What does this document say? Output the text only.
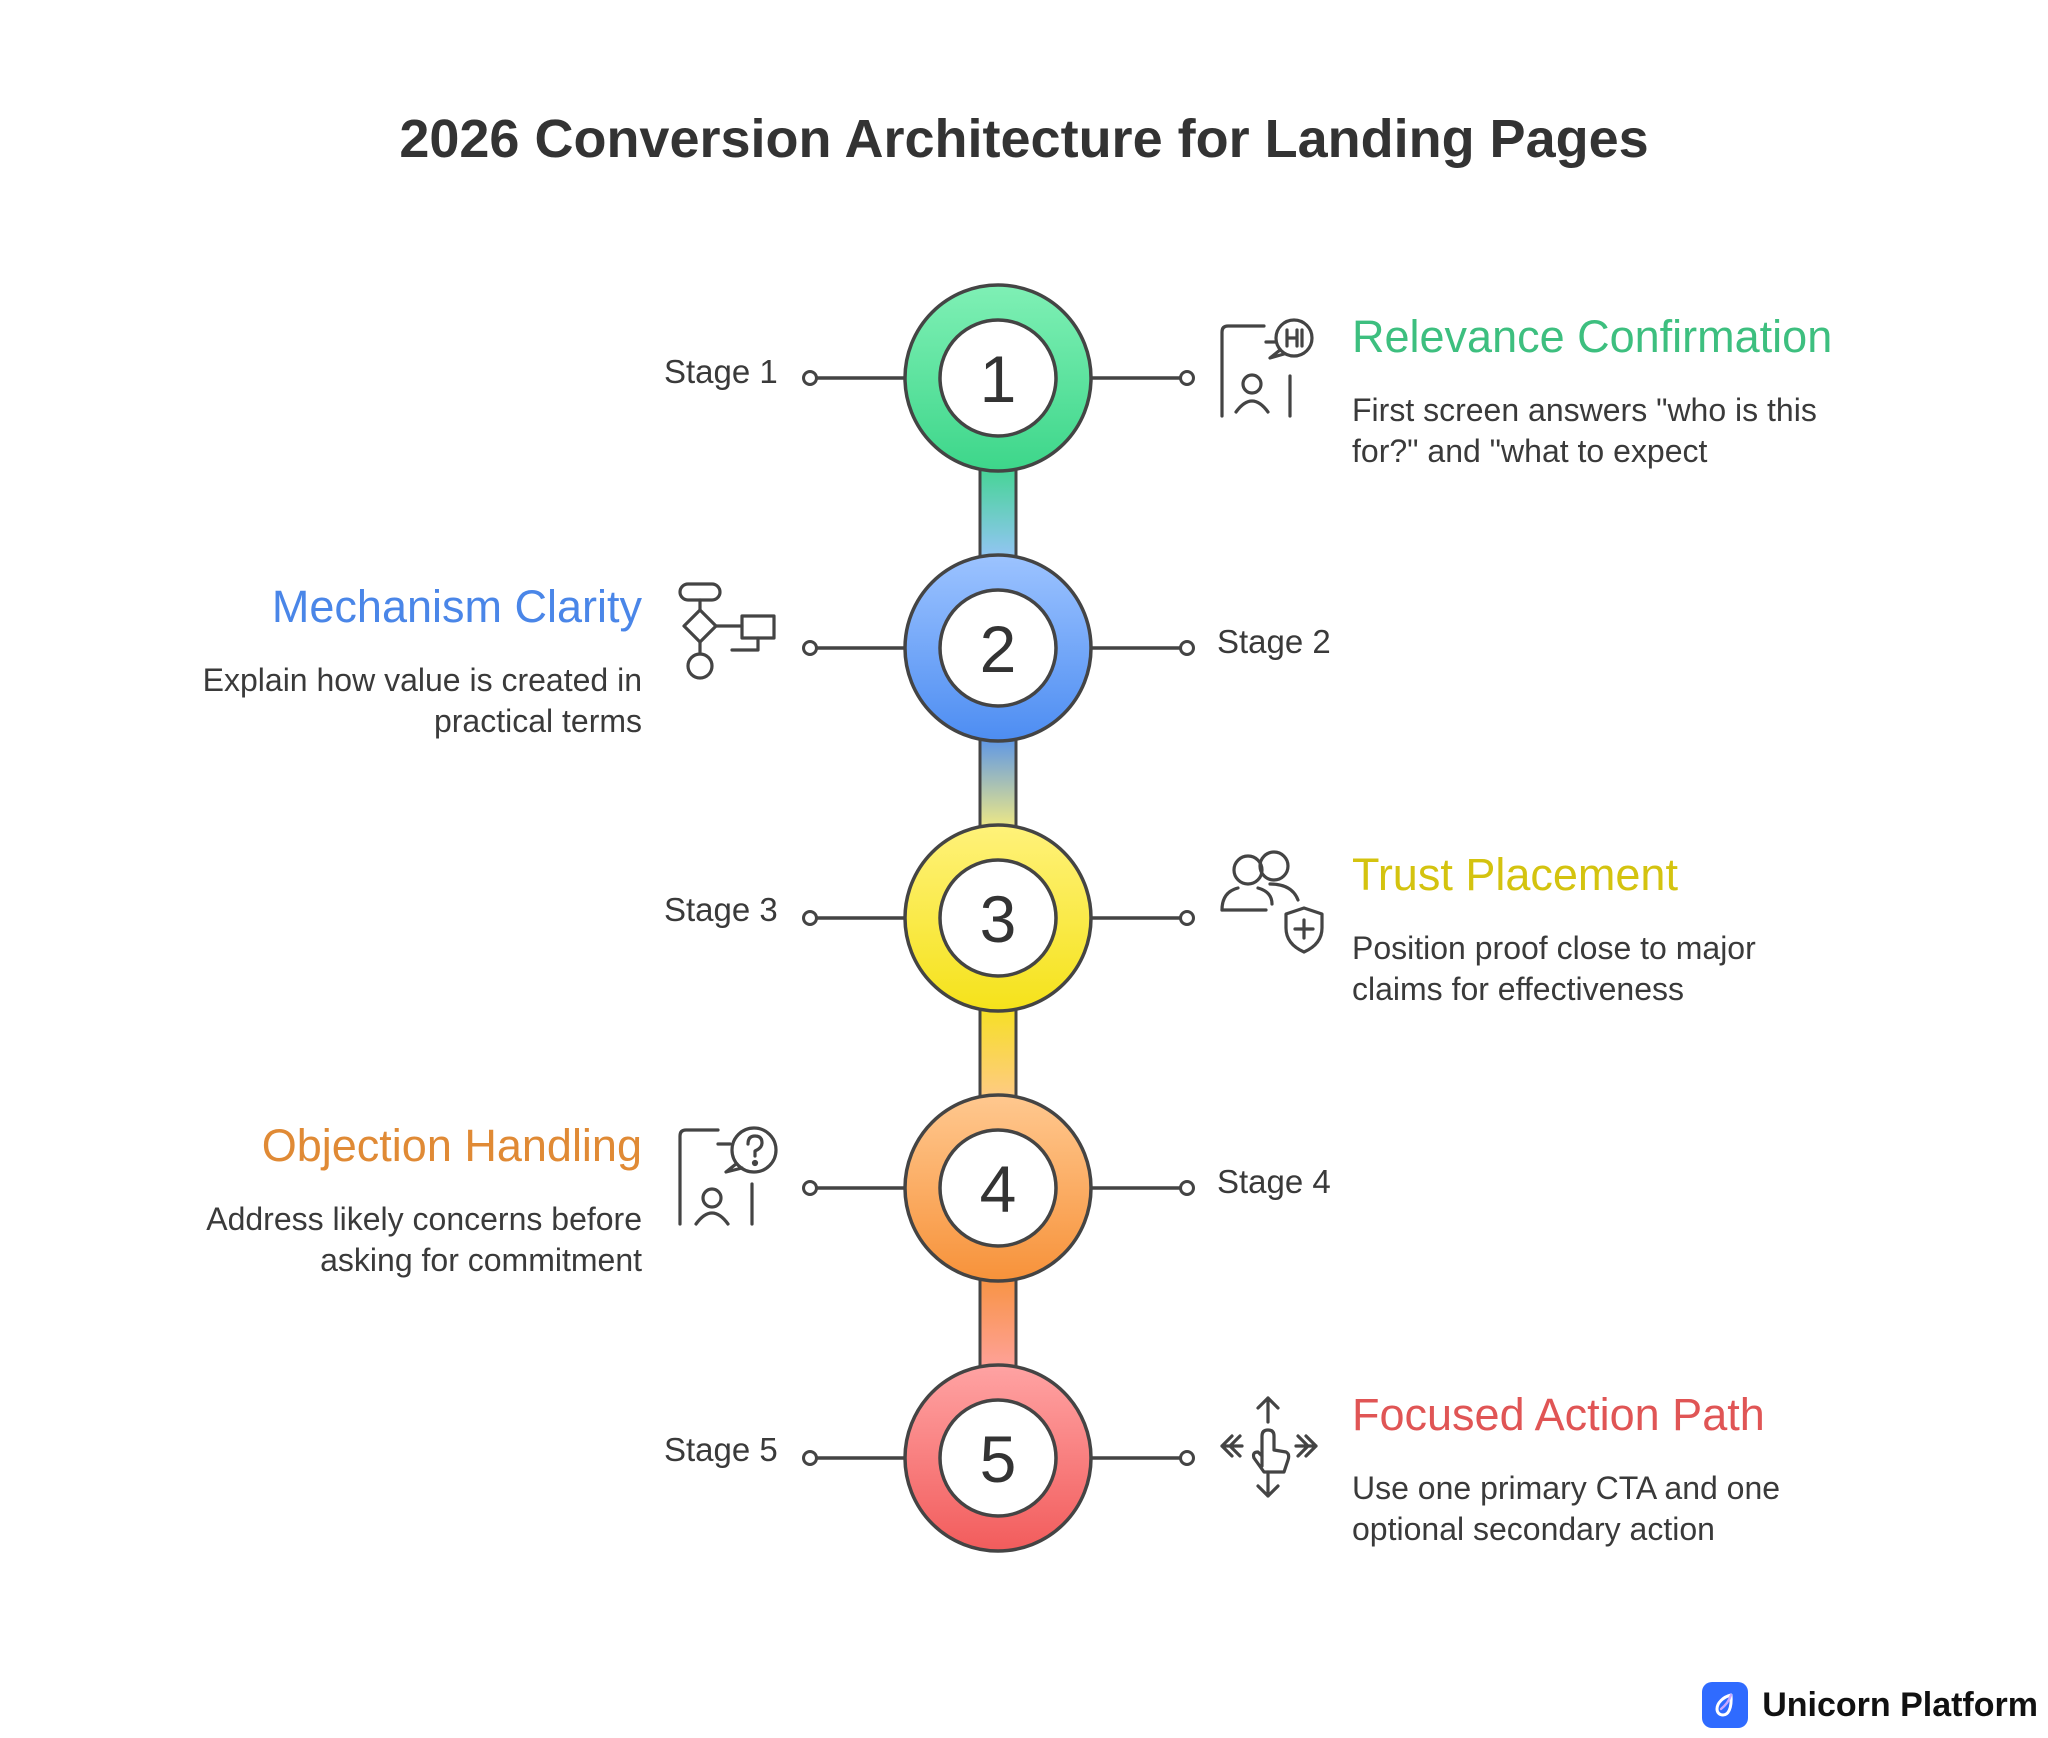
2026 Conversion Architecture for Landing Pages
1
2
3
4
5
Stage 1
Relevance Confirmation
First screen answers "who is this for?" and "what to expect
Stage 2
Mechanism Clarity
Explain how value is created in practical terms
Stage 3
Trust Placement
Position proof close to major claims for effectiveness
Stage 4
Objection Handling
Address likely concerns before asking for commitment
Stage 5
Focused Action Path
Use one primary CTA and one optional secondary action
Unicorn Platform
